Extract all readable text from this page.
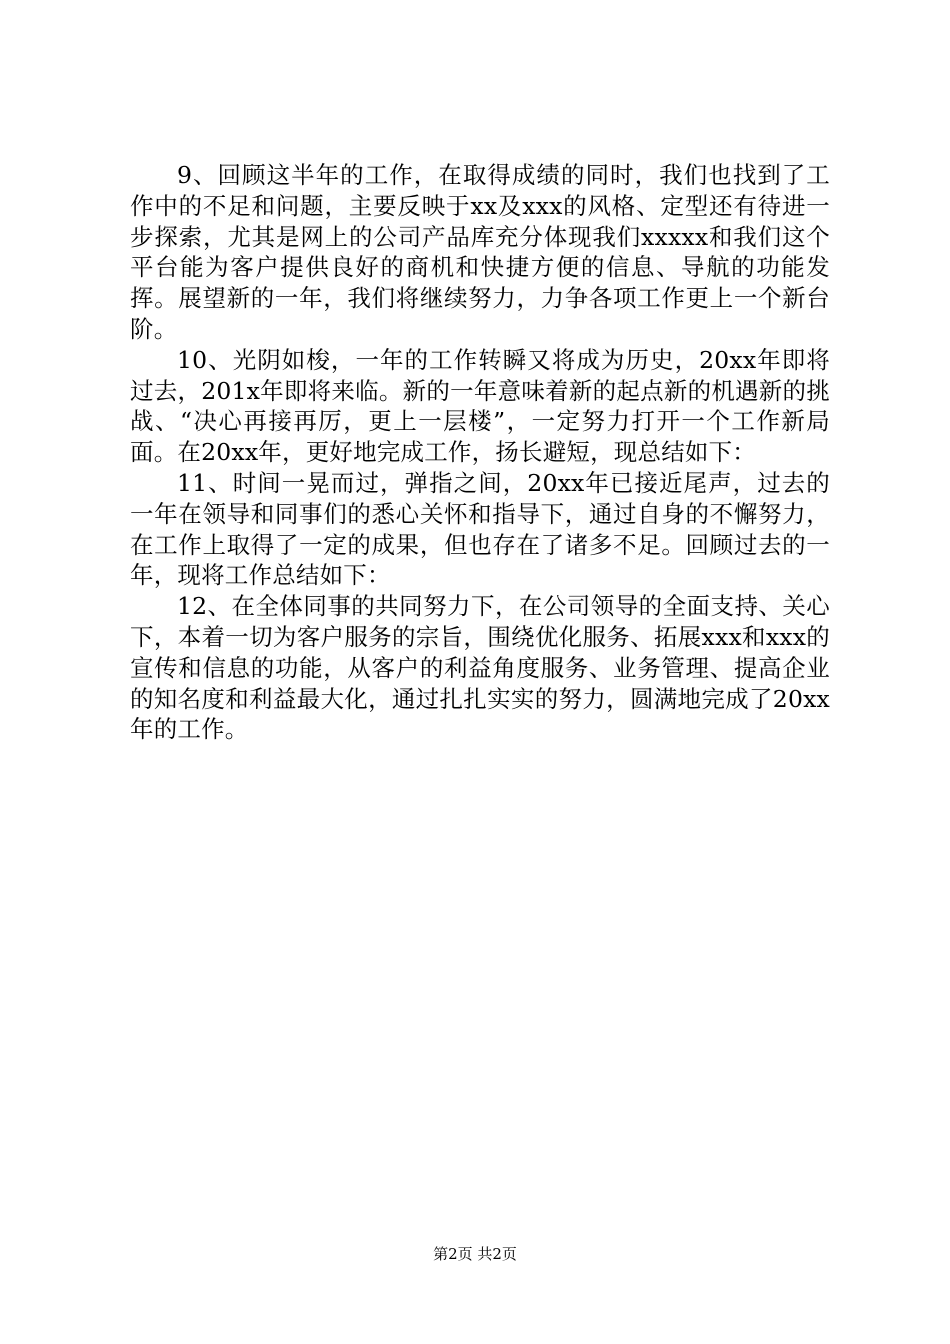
9、回顾这半年的工作，在取得成绩的同时，我们也找到了工作中的不足和问题，主要反映于xx及xxx的风格、定型还有待进一步探索，尤其是网上的公司产品库充分体现我们xxxxx和我们这个平台能为客户提供良好的商机和快捷方便的信息、导航的功能发挥。展望新的一年，我们将继续努力，力争各项工作更上一个新台阶。

10、光阴如梭，一年的工作转瞬又将成为历史，20xx年即将过去，201x年即将来临。新的一年意味着新的起点新的机遇新的挑战、“决心再接再厉，更上一层楼”，一定努力打开一个工作新局面。在20xx年，更好地完成工作，扬长避短，现总结如下：

11、时间一晃而过，弹指之间，20xx年已接近尾声，过去的一年在领导和同事们的悉心关怀和指导下，通过自身的不懈努力，在工作上取得了一定的成果，但也存在了诸多不足。回顾过去的一年，现将工作总结如下：

12、在全体同事的共同努力下，在公司领导的全面支持、关心下，本着一切为客户服务的宗旨，围绕优化服务、拓展xxx和xxx的宣传和信息的功能，从客户的利益角度服务、业务管理、提高企业的知名度和利益最大化，通过扎扎实实的努力，圆满地完成了20xx年的工作。

第2页 共2页
